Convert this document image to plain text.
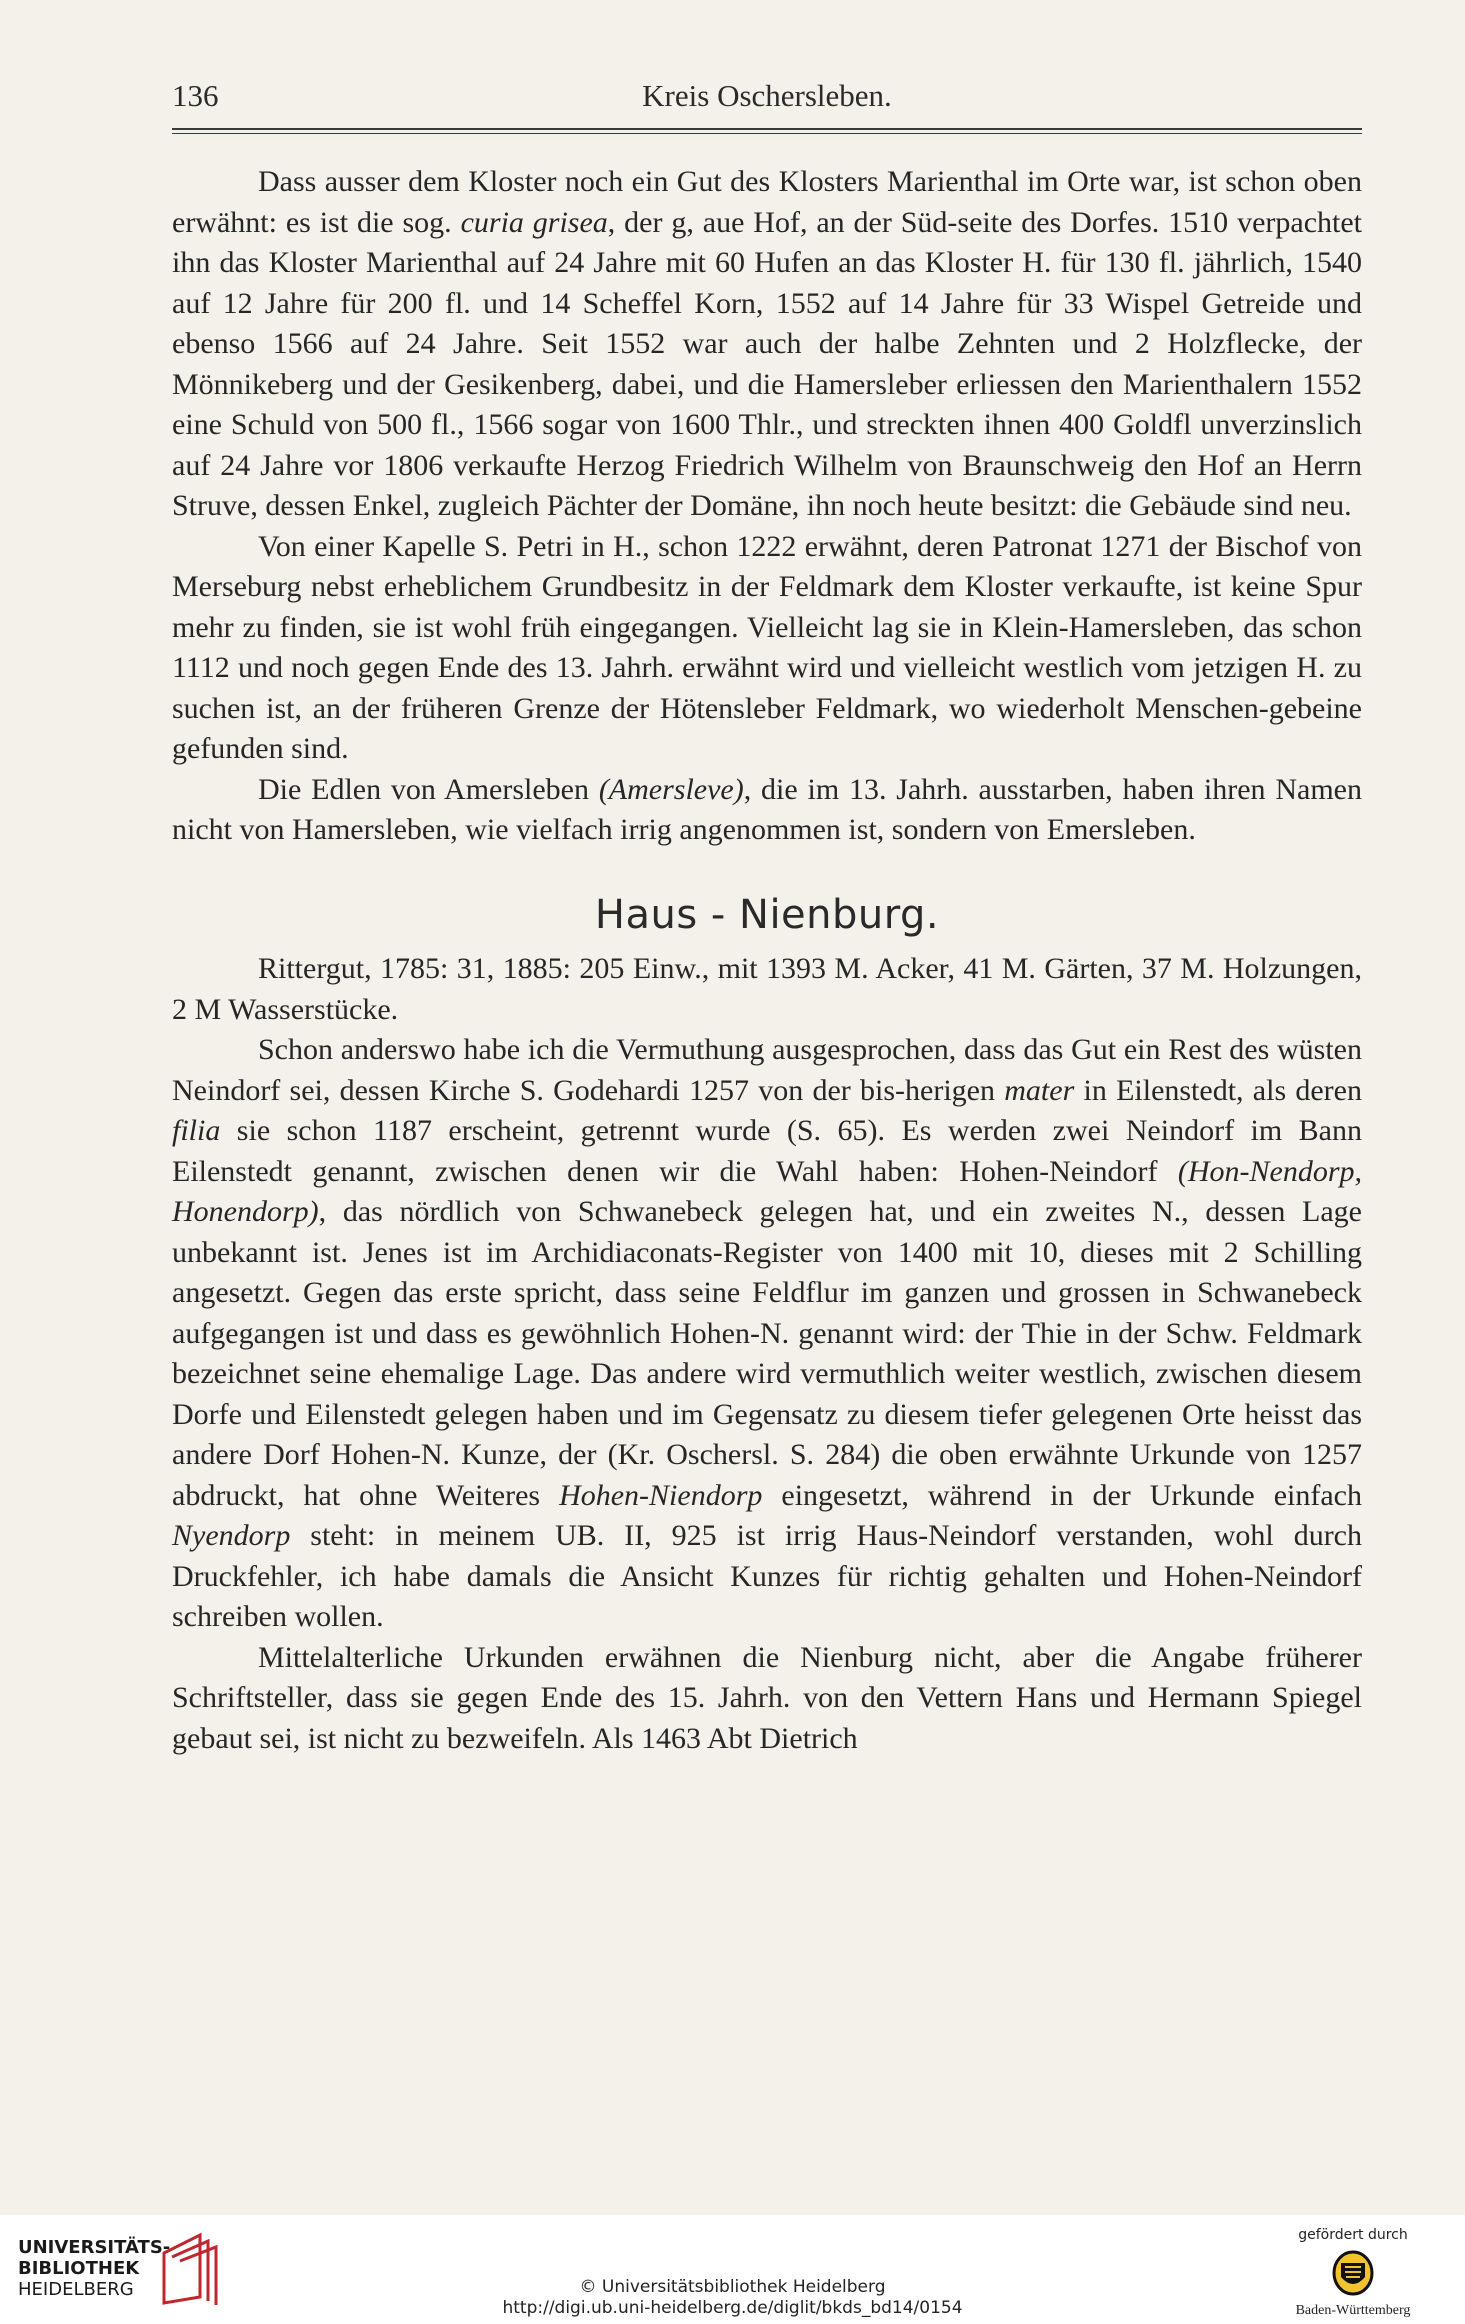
136	Kreis Oschersleben.

Dass ausser dem Kloster noch ein Gut des Klosters Marienthal im Orte war, ist schon oben erwähnt: es ist die sog. curia grisea, der g, aue Hof, an der Süd-seite des Dorfes. 1510 verpachtet ihn das Kloster Marienthal auf 24 Jahre mit 60 Hufen an das Kloster H. für 130 fl. jährlich, 1540 auf 12 Jahre für 200 fl. und 14 Scheffel Korn, 1552 auf 14 Jahre für 33 Wispel Getreide und ebenso 1566 auf 24 Jahre. Seit 1552 war auch der halbe Zehnten und 2 Holzflecke, der Mönnikeberg und der Gesikenberg, dabei, und die Hamersleber erliessen den Marienthalern 1552 eine Schuld von 500 fl., 1566 sogar von 1600 Thlr., und streckten ihnen 400 Goldfl unverzinslich auf 24 Jahre vor 1806 verkaufte Herzog Friedrich Wilhelm von Braunschweig den Hof an Herrn Struve, dessen Enkel, zugleich Pächter der Domäne, ihn noch heute besitzt: die Gebäude sind neu.

Von einer Kapelle S. Petri in H., schon 1222 erwähnt, deren Patronat 1271 der Bischof von Merseburg nebst erheblichem Grundbesitz in der Feldmark dem Kloster verkaufte, ist keine Spur mehr zu finden, sie ist wohl früh eingegangen. Vielleicht lag sie in Klein-Hamersleben, das schon 1112 und noch gegen Ende des 13. Jahrh. erwähnt wird und vielleicht westlich vom jetzigen H. zu suchen ist, an der früheren Grenze der Hötensleber Feldmark, wo wiederholt Menschen-gebeine gefunden sind.

Die Edlen von Amersleben (Amersleve), die im 13. Jahrh. ausstarben, haben ihren Namen nicht von Hamersleben, wie vielfach irrig angenommen ist, sondern von Emersleben.

Haus - Nienburg.

Rittergut, 1785: 31, 1885: 205 Einw., mit 1393 M. Acker, 41 M. Gärten, 37 M. Holzungen, 2 M Wasserstücke.

Schon anderswo habe ich die Vermuthung ausgesprochen, dass das Gut ein Rest des wüsten Neindorf sei, dessen Kirche S. Godehardi 1257 von der bis-herigen mater in Eilenstedt, als deren filia sie schon 1187 erscheint, getrennt wurde (S. 65). Es werden zwei Neindorf im Bann Eilenstedt genannt, zwischen denen wir die Wahl haben: Hohen-Neindorf (Hon-Nendorp, Honendorp), das nördlich von Schwanebeck gelegen hat, und ein zweites N., dessen Lage unbekannt ist. Jenes ist im Archidiaconats-Register von 1400 mit 10, dieses mit 2 Schilling angesetzt. Gegen das erste spricht, dass seine Feldflur im ganzen und grossen in Schwanebeck aufgegangen ist und dass es gewöhnlich Hohen-N. genannt wird: der Thie in der Schw. Feldmark bezeichnet seine ehemalige Lage. Das andere wird vermuthlich weiter westlich, zwischen diesem Dorfe und Eilenstedt gelegen haben und im Gegensatz zu diesem tiefer gelegenen Orte heisst das andere Dorf Hohen-N. Kunze, der (Kr. Oschersl. S. 284) die oben erwähnte Urkunde von 1257 abdruckt, hat ohne Weiteres Hohen-Niendorp eingesetzt, während in der Urkunde einfach Nyendorp steht: in meinem UB. II, 925 ist irrig Haus-Neindorf verstanden, wohl durch Druckfehler, ich habe damals die Ansicht Kunzes für richtig gehalten und Hohen-Neindorf schreiben wollen.

Mittelalterliche Urkunden erwähnen die Nienburg nicht, aber die Angabe früherer Schriftsteller, dass sie gegen Ende des 15. Jahrh. von den Vettern Hans und Hermann Spiegel gebaut sei, ist nicht zu bezweifeln. Als 1463 Abt Dietrich

UNIVERSITÄTS-
BIBLIOTHEK
HEIDELBERG	© Universitätsbibliothek Heidelberg
http://digi.ub.uni-heidelberg.de/diglit/bkds_bd14/0154
gefördert durch
Baden-Württemberg
